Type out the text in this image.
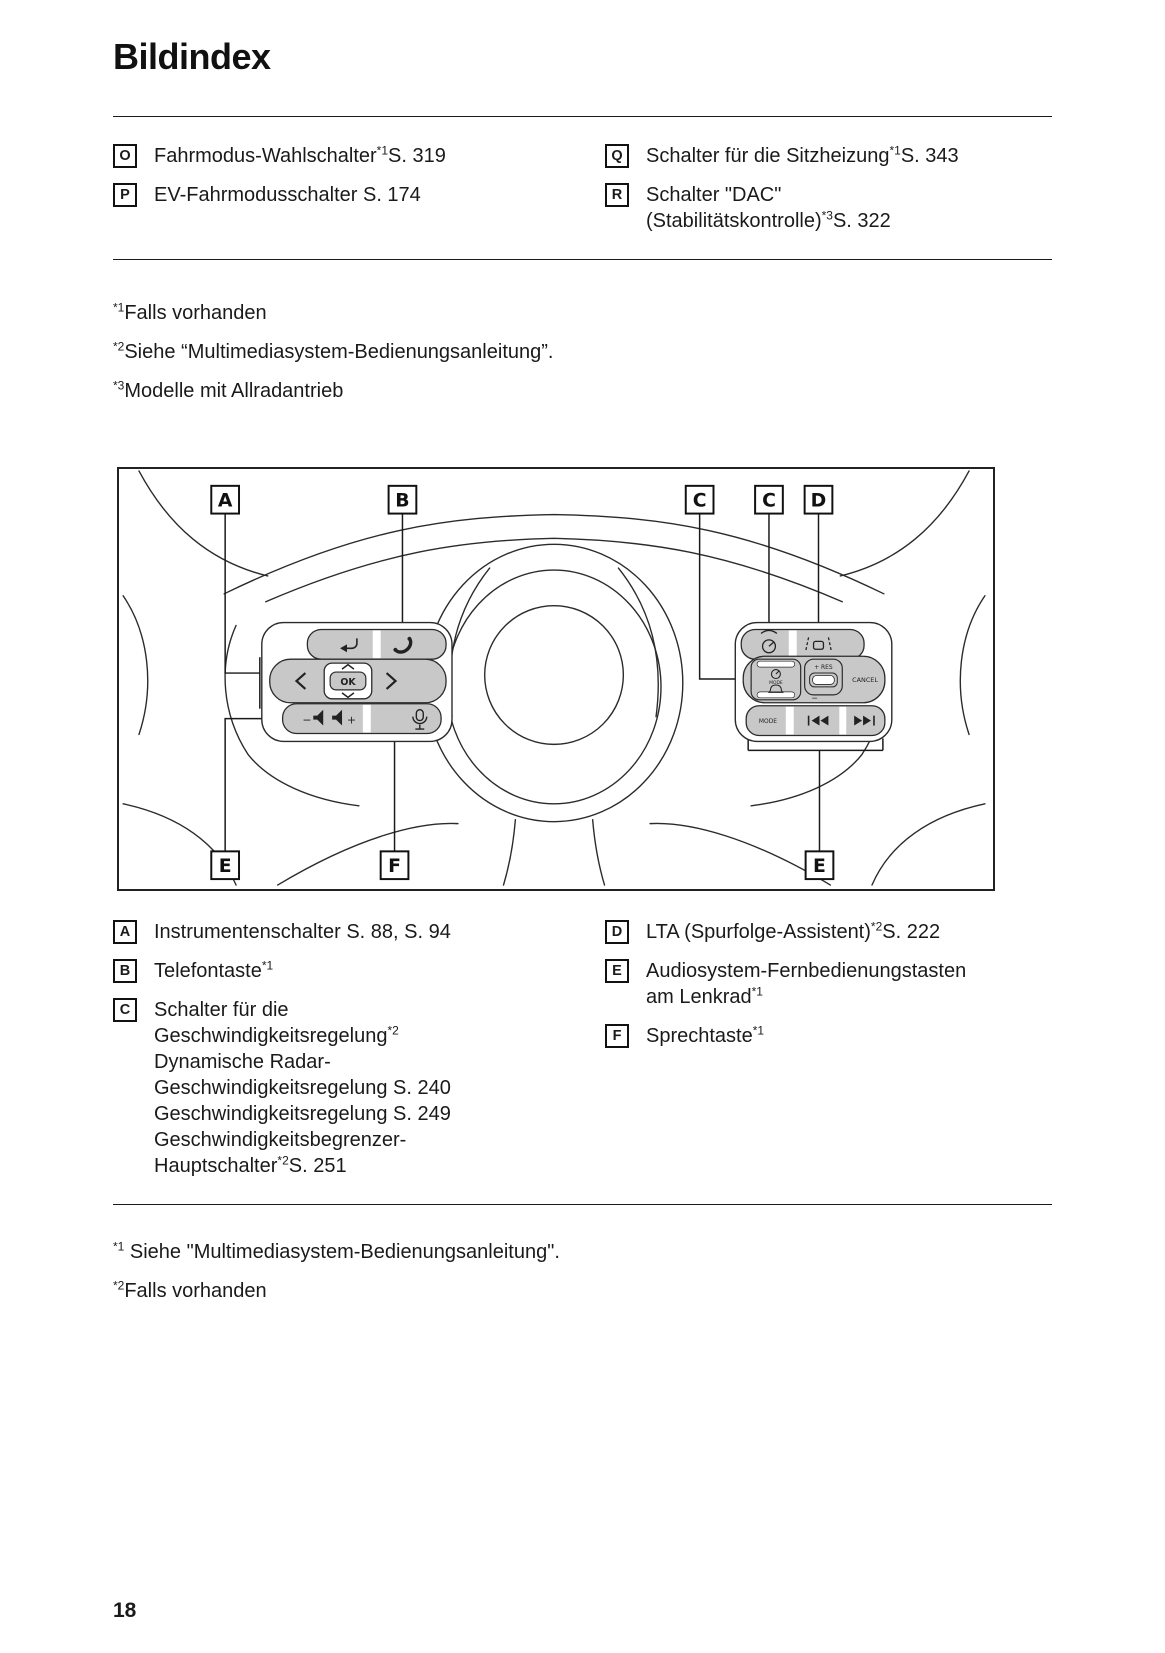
Bildindex
O	Fahrmodus-Wahlschalter$^{*1}$S. 319
P	EV-Fahrmodusschalter S. 174
Q	Schalter für die Sitzheizung$^{*1}$S. 343
R	Schalter "DAC"
(Stabilitätskontrolle)$^{*3}$S. 322
$^{*1}$Falls vorhanden
$^{*2}$Siehe “Multimediasystem-Bedienungsanleitung”.
$^{*3}$Modelle mit Allradantrieb
OK
−	+
MODE
+ RES
−
CANCEL
MODE
A	B	C	C D
E	F	E
A	Instrumentenschalter S. 88, S. 94
B	Telefontaste$^{*1}$
C	Schalter für die
Geschwindigkeitsregelung$^{*2}$
Dynamische Radar-
Geschwindigkeitsregelung S. 240
Geschwindigkeitsregelung S. 249
Geschwindigkeitsbegrenzer-
Hauptschalter$^{*2}$S. 251
D	LTA (Spurfolge-Assistent)$^{*2}$S. 222
E	Audiosystem-Fernbedienungstasten
am Lenkrad$^{*1}$
F	Sprechtaste$^{*1}$
$^{*1}$ Siehe "Multimediasystem-Bedienungsanleitung".
$^{*2}$Falls vorhanden
18
